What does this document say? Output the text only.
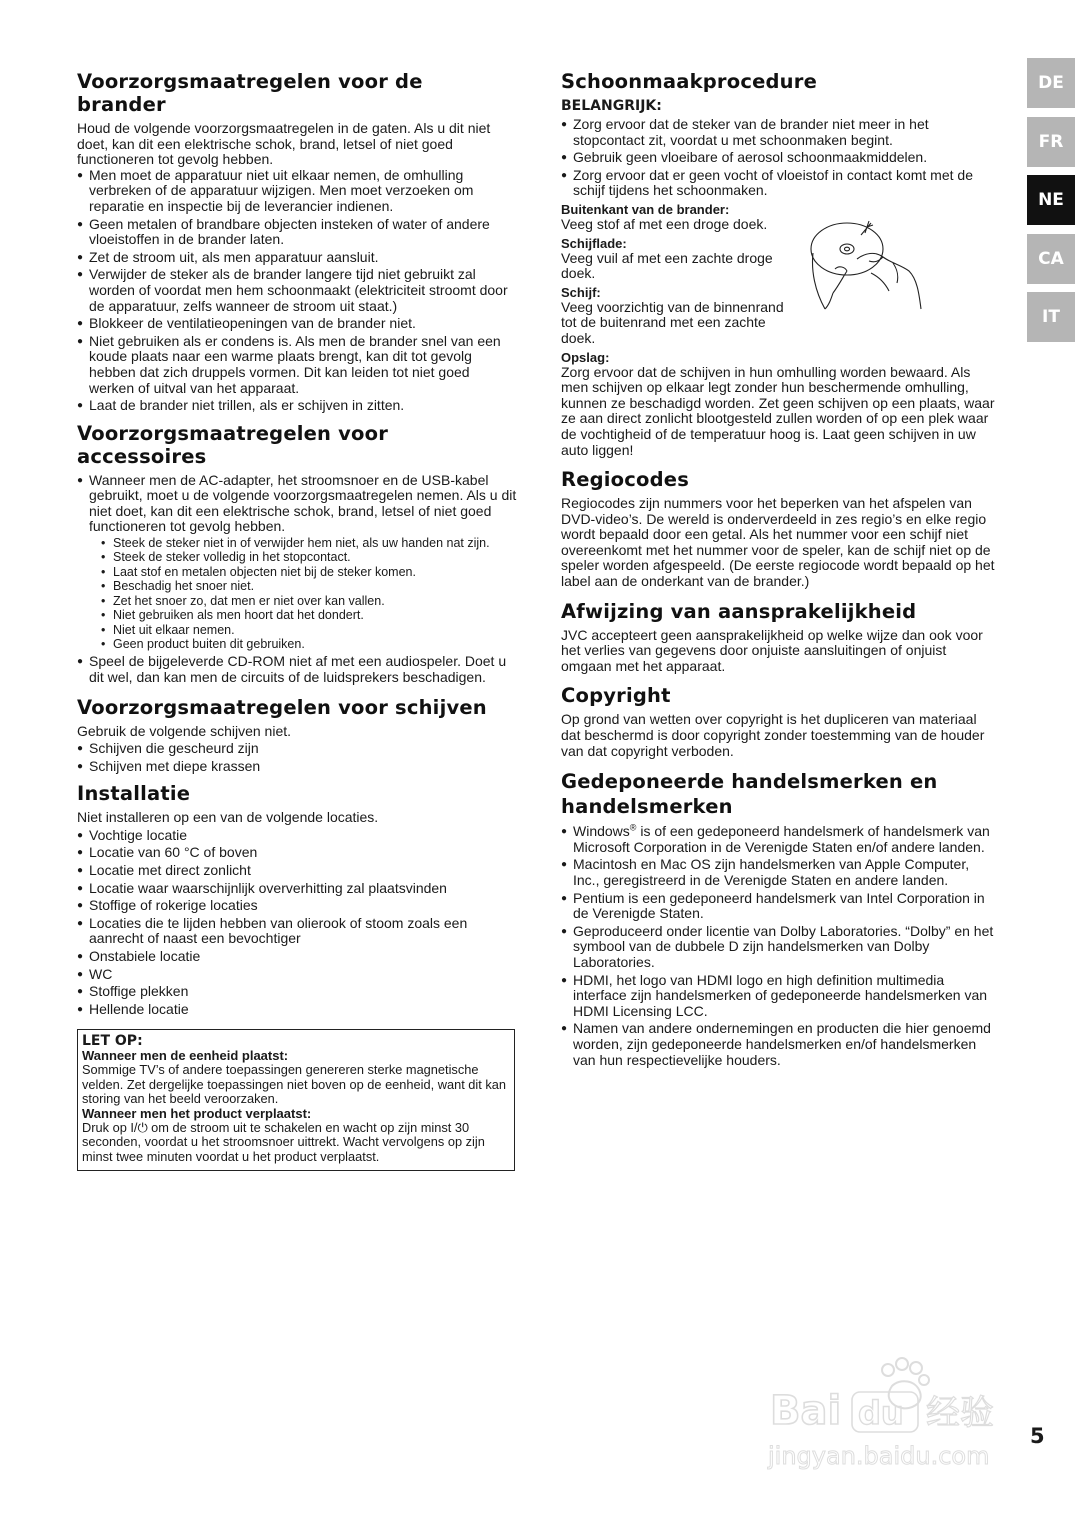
Voorzorgsmaatregelen voor de brander

Houd de volgende voorzorgsmaatregelen in de gaten. Als u dit niet doet, kan dit een elektrische schok, brand, letsel of niet goed functioneren tot gevolg hebben.

● Men moet de apparatuur niet uit elkaar nemen, de omhulling verbreken of de apparatuur wijzigen. Men moet verzoeken om reparatie en inspectie bij de leverancier indienen.
● Geen metalen of brandbare objecten insteken of water of andere vloeistoffen in de brander laten.
● Zet de stroom uit, als men apparatuur aansluit.
● Verwijder de steker als de brander langere tijd niet gebruikt zal worden of voordat men hem schoonmaakt (elektriciteit stroomt door de apparatuur, zelfs wanneer de stroom uit staat.)
● Blokkeer de ventilatieopeningen van de brander niet.
● Niet gebruiken als er condens is. Als men de brander snel van een koude plaats naar een warme plaats brengt, kan dit tot gevolg hebben dat zich druppels vormen. Dit kan leiden tot niet goed werken of uitval van het apparaat.
● Laat de brander niet trillen, als er schijven in zitten.
Voorzorgsmaatregelen voor accessoires
● Wanneer men de AC-adapter, het stroomsnoer en de USB-kabel gebruikt, moet u de volgende voorzorgsmaatregelen nemen. Als u dit niet doet, kan dit een elektrische schok, brand, letsel of niet goed functioneren tot gevolg hebben.
• Steek de steker niet in of verwijder hem niet, als uw handen nat zijn.
• Steek de steker volledig in het stopcontact.
• Laat stof en metalen objecten niet bij de steker komen.
• Beschadig het snoer niet.
• Zet het snoer zo, dat men er niet over kan vallen.
• Niet gebruiken als men hoort dat het dondert.
• Niet uit elkaar nemen.
• Geen product buiten dit gebruiken.
● Speel de bijgeleverde CD-ROM niet af met een audiospeler. Doet u dit wel, dan kan men de circuits of de luidsprekers beschadigen.
Voorzorgsmaatregelen voor schijven

Gebruik de volgende schijven niet.

● Schijven die gescheurd zijn
● Schijven met diepe krassen
Installatie

Niet installeren op een van de volgende locaties.

● Vochtige locatie
● Locatie van 60 °C of boven
● Locatie met direct zonlicht
● Locatie waar waarschijnlijk oververhitting zal plaatsvinden
● Stoffige of rokerige locaties
● Locaties die te lijden hebben van olierook of stoom zoals een aanrecht of naast een bevochtiger
● Onstabiele locatie
● WC
● Stoffige plekken
● Hellende locatie
LET OP:
Wanneer men de eenheid plaatst:

Sommige TV’s of andere toepassingen genereren sterke magnetische velden. Zet dergelijke toepassingen niet boven op de eenheid, want dit kan storing van het beeld veroorzaken.

Wanneer men het product verplaatst:

Druk op I/⏻ om de stroom uit te schakelen en wacht op zijn minst 30 seconden, voordat u het stroomsnoer uittrekt. Wacht vervolgens op zijn minst twee minuten voordat u het product verplaatst.

Schoonmaakprocedure
BELANGRIJK:
● Zorg ervoor dat de steker van de brander niet meer in het stopcontact zit, voordat u met schoonmaken begint.
● Gebruik geen vloeibare of aerosol schoonmaakmiddelen.
● Zorg ervoor dat er geen vocht of vloeistof in contact komt met de schijf tijdens het schoonmaken.
Buitenkant van de brander:

Veeg stof af met een droge doek.

Schijflade:

Veeg vuil af met een zachte droge doek.

Schijf:

Veeg voorzichtig van de binnenrand tot de buitenrand met een zachte doek.

Opslag:

Zorg ervoor dat de schijven in hun omhulling worden bewaard. Als men schijven op elkaar legt zonder hun beschermende omhulling, kunnen ze beschadigd worden. Zet geen schijven op een plaats, waar ze aan direct zonlicht blootgesteld zullen worden of op een plek waar de vochtigheid of de temperatuur hoog is. Laat geen schijven in uw auto liggen!

Regiocodes

Regiocodes zijn nummers voor het beperken van het afspelen van DVD-video’s. De wereld is onderverdeeld in zes regio’s en elke regio wordt bepaald door een getal. Als het nummer voor een schijf niet overeenkomt met het nummer voor de speler, kan de schijf niet op de speler worden afgespeeld. (De eerste regiocode wordt bepaald op het label aan de onderkant van de brander.)

Afwijzing van aansprakelijkheid

JVC accepteert geen aansprakelijkheid op welke wijze dan ook voor het verlies van gegevens door onjuiste aansluitingen of onjuist omgaan met het apparaat.

Copyright

Op grond van wetten over copyright is het dupliceren van materiaal dat beschermd is door copyright zonder toestemming van de houder van dat copyright verboden.

Gedeponeerde handelsmerken en handelsmerken
● Windows® is of een gedeponeerd handelsmerk of handelsmerk van Microsoft Corporation in de Verenigde Staten en/of andere landen.
● Macintosh en Mac OS zijn handelsmerken van Apple Computer, Inc., geregistreerd in de Verenigde Staten en andere landen.
● Pentium is een gedeponeerd handelsmerk van Intel Corporation in de Verenigde Staten.
● Geproduceerd onder licentie van Dolby Laboratories. “Dolby” en het symbool van de dubbele D zijn handelsmerken van Dolby Laboratories.
● HDMI, het logo van HDMI logo en high definition multimedia interface zijn handelsmerken of gedeponeerde handelsmerken van HDMI Licensing LCC.
● Namen van andere ondernemingen en producten die hier genoemd worden, zijn gedeponeerde handelsmerken en/of handelsmerken van hun respectievelijke houders.
DE
FR
NE
CA
IT
Bai du 经验
jingyan.baidu.com
5
